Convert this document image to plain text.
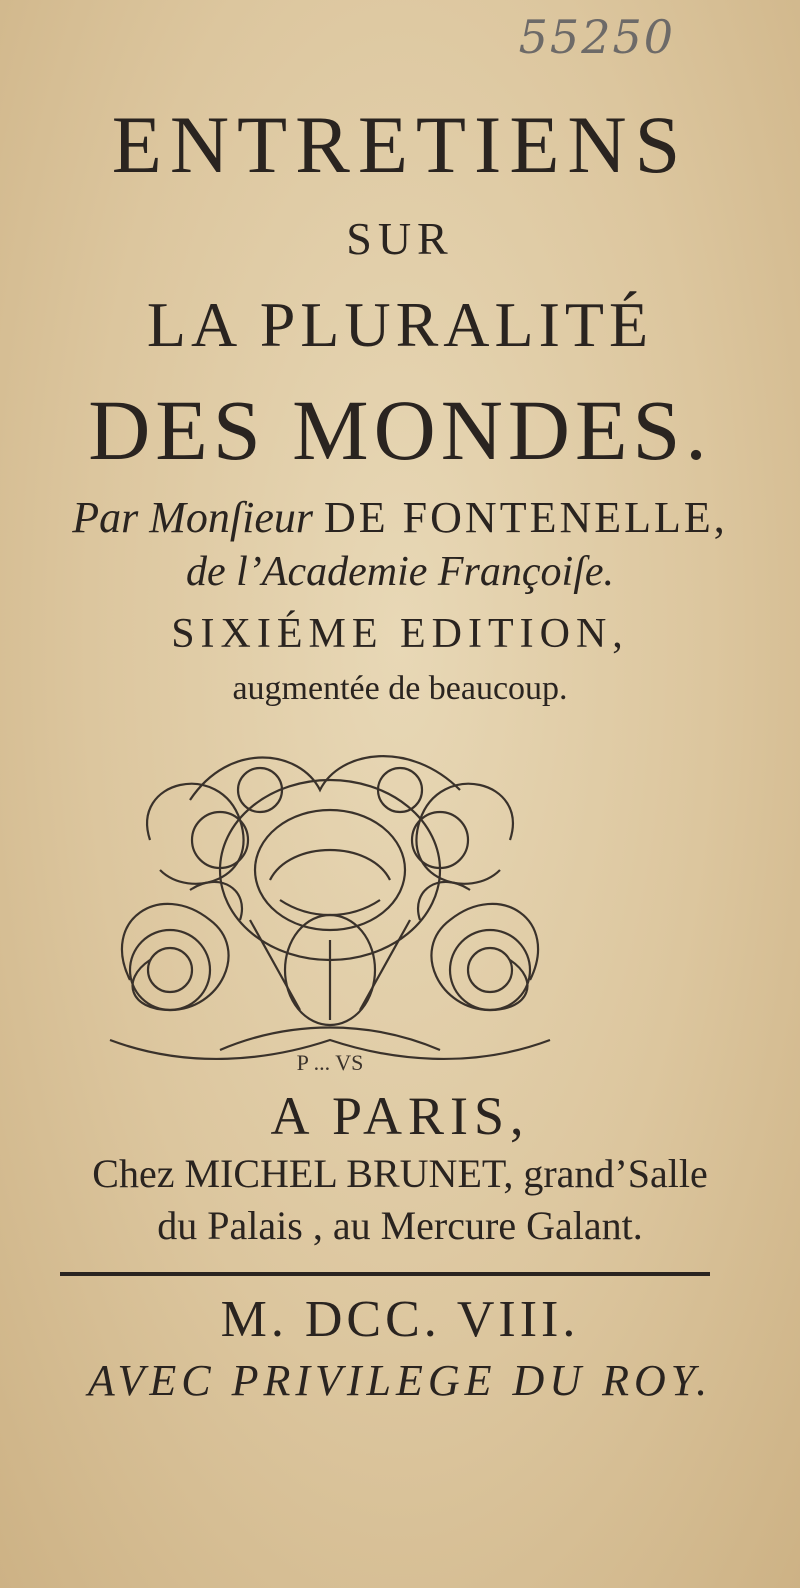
55250
ENTRETIENS
SUR
LA PLURALITÉ
DES MONDES.
Par Monſieur DE FONTENELLE,
de l’Academie Françoiſe.
SIXIÉME EDITION,
augmentée de beaucoup.
P ... VS
A PARIS,
Chez MICHEL BRUNET, grand’Salle
du Palais , au Mercure Galant.
M. DCC. VIII.
AVEC PRIVILEGE DU ROY.
